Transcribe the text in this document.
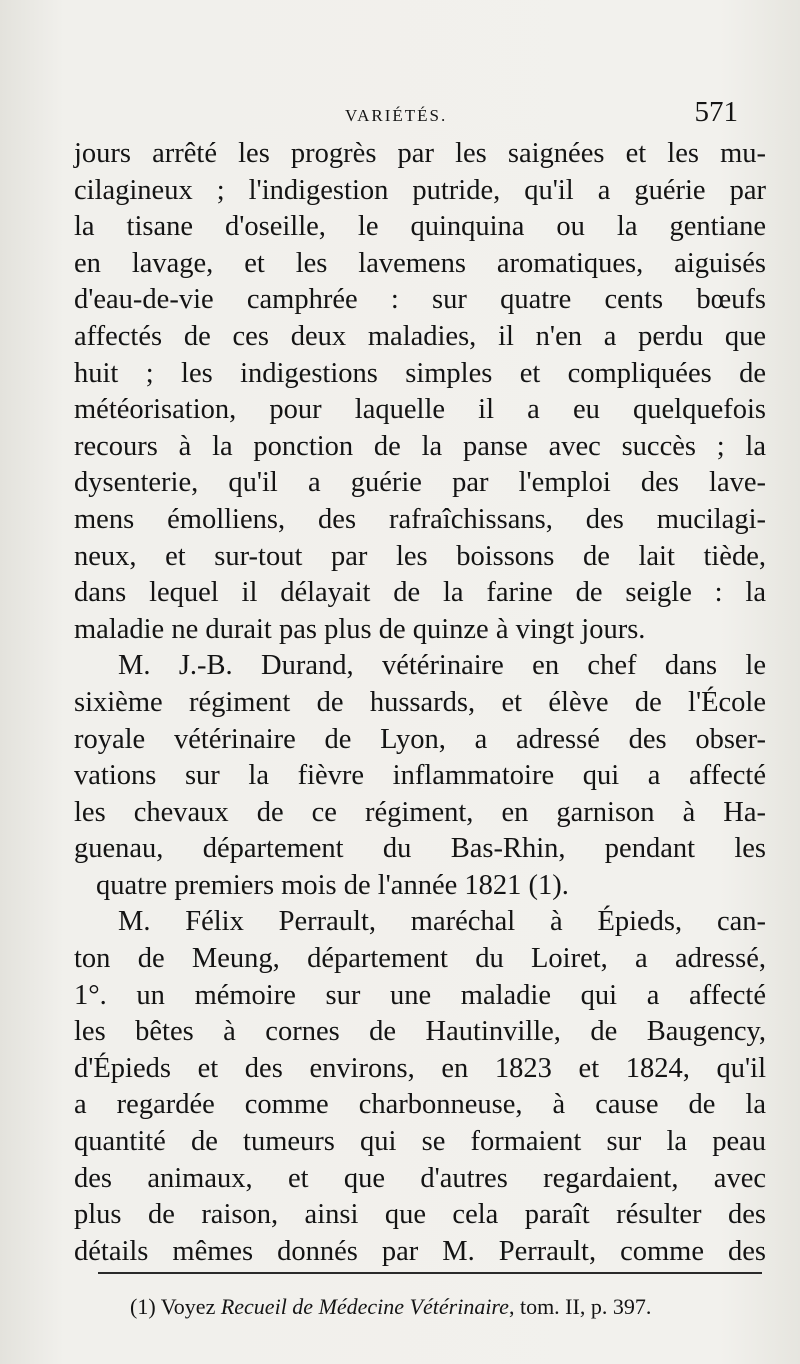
VARIÉTÉS.	571
jours arrêté les progrès par les saignées et les mu-
cilagineux ; l'indigestion putride, qu'il a guérie par
la tisane d'oseille, le quinquina ou la gentiane
en lavage, et les lavemens aromatiques, aiguisés
d'eau-de-vie camphrée : sur quatre cents bœufs
affectés de ces deux maladies, il n'en a perdu que
huit ; les indigestions simples et compliquées de
météorisation, pour laquelle il a eu quelquefois
recours à la ponction de la panse avec succès ; la
dysenterie, qu'il a guérie par l'emploi des lave-
mens émolliens, des rafraîchissans, des mucilagi-
neux, et sur-tout par les boissons de lait tiède,
dans lequel il délayait de la farine de seigle : la
maladie ne durait pas plus de quinze à vingt jours.
M. J.-B. Durand, vétérinaire en chef dans le
sixième régiment de hussards, et élève de l'École
royale vétérinaire de Lyon, a adressé des obser-
vations sur la fièvre inflammatoire qui a affecté
les chevaux de ce régiment, en garnison à Ha-
guenau, département du Bas-Rhin, pendant les
quatre premiers mois de l'année 1821 (1).
M. Félix Perrault, maréchal à Épieds, can-
ton de Meung, département du Loiret, a adressé,
1°. un mémoire sur une maladie qui a affecté
les bêtes à cornes de Hautinville, de Baugency,
d'Épieds et des environs, en 1823 et 1824, qu'il
a regardée comme charbonneuse, à cause de la
quantité de tumeurs qui se formaient sur la peau
des animaux, et que d'autres regardaient, avec
plus de raison, ainsi que cela paraît résulter des
détails mêmes donnés par M. Perrault, comme des
(1) Voyez Recueil de Médecine Vétérinaire, tom. II, p. 397.
